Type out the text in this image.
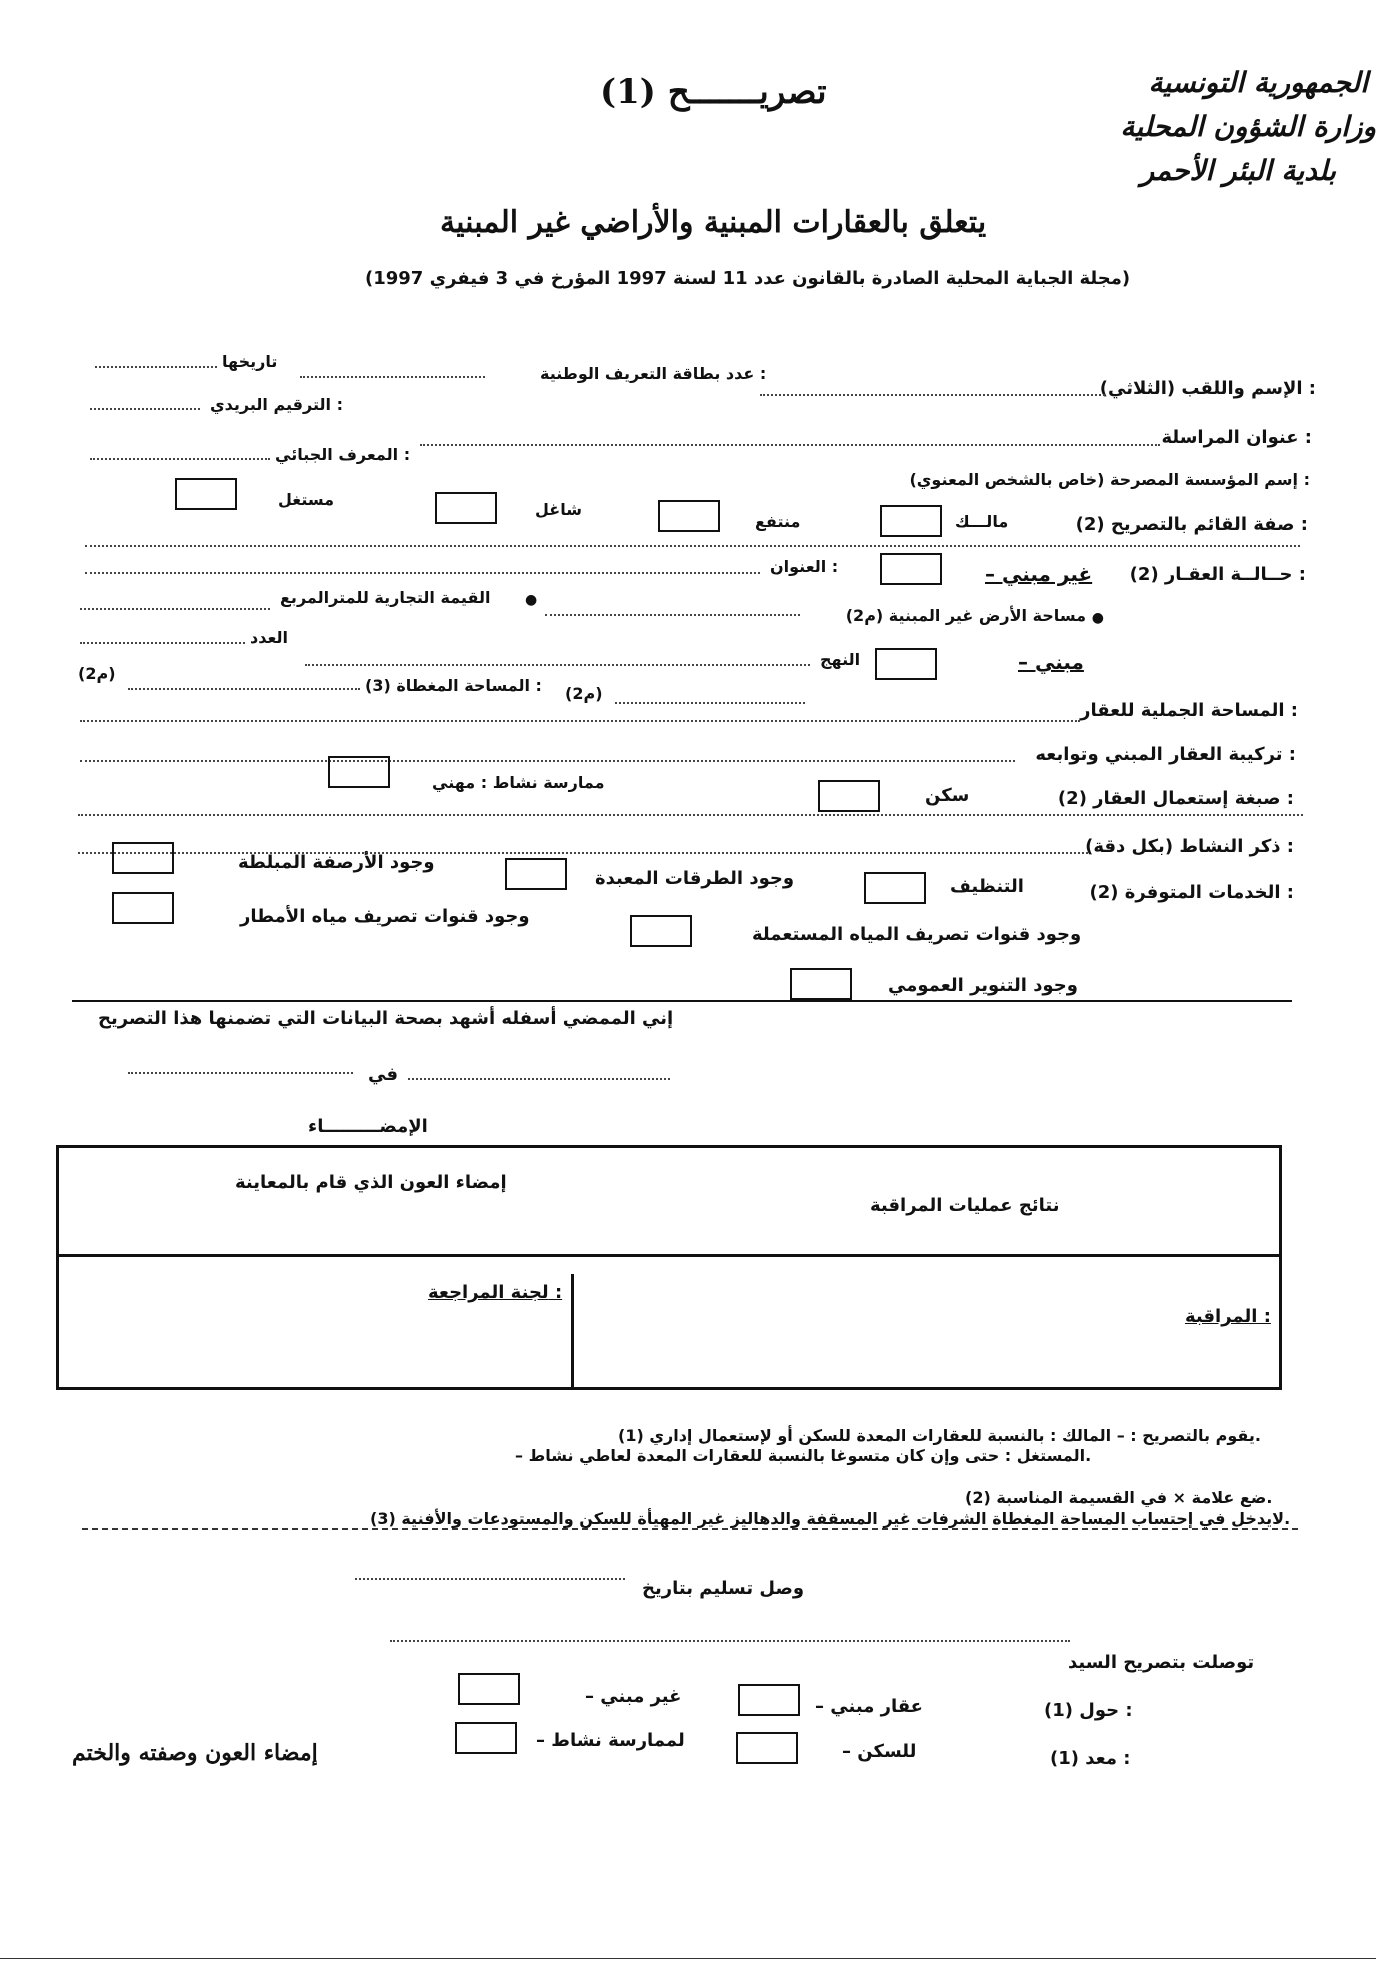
الجمهورية التونسية
وزارة الشؤون المحلية
بلدية البئر الأحمر
تصريـــــــح (1)
يتعلق بالعقارات المبنية والأراضي غير المبنية
(مجلة الجباية المحلية الصادرة بالقانون عدد 11 لسنة 1997 المؤرخ في 3 فيفري 1997)
الإسم واللقب (الثلاثي) :
عدد بطاقة التعريف الوطنية :
تاريخها
عنوان المراسلة :
الترقيم البريدي :
إسم المؤسسة المصرحة (خاص بالشخص المعنوي) :
المعرف الجبائي :
صفة القائم بالتصريح (2) :
مالـــك
منتفع
شاغل
مستغل
حــالــة العقـار (2) :
– غير مبني
العنوان :
مساحة الأرض غير المبنية (م2) ●
القيمة التجارية للمترالمربع ●
– مبني
النهج
العدد
المساحة المغطاة (3) : (م2)
(م2)
المساحة الجملية للعقار :
تركيبة العقار المبني وتوابعه :
صبغة إستعمال العقار (2) :
سكن
ممارسة نشاط : مهني
ذكر النشاط (بكل دقة) :
الخدمات المتوفرة (2) :
التنظيف
وجود الطرقات المعبدة
وجود الأرصفة المبلطة
وجود قنوات تصريف المياه المستعملة
وجود قنوات تصريف مياه الأمطار
وجود التنوير العمومي
إني الممضي أسفله أشهد بصحة البيانات التي تضمنها هذا التصريح
في
الإمضـــــــــاء
نتائج عمليات المراقبة
إمضاء العون الذي قام بالمعاينة
المراقبة :
لجنة المراجعة :
(1) يقوم بالتصريح : – المالك : بالنسبة للعقارات المعدة للسكن أو لإستعمال إداري.
– المستغل : حتى وإن كان متسوغا بالنسبة للعقارات المعدة لعاطي نشاط.
(2) ضع علامة × في القسيمة المناسبة.
(3) لايدخل في إحتساب المساحة المغطاة الشرفات غير المسقفة والدهاليز غير المهيأة للسكن والمستودعات والأفنية.
وصل تسليم بتاريخ
توصلت بتصريح السيد
حول (1) :
– عقار مبني
– غير مبني
معد (1) :
– للسكن
– لممارسة نشاط
إمضاء العون وصفته والختم
